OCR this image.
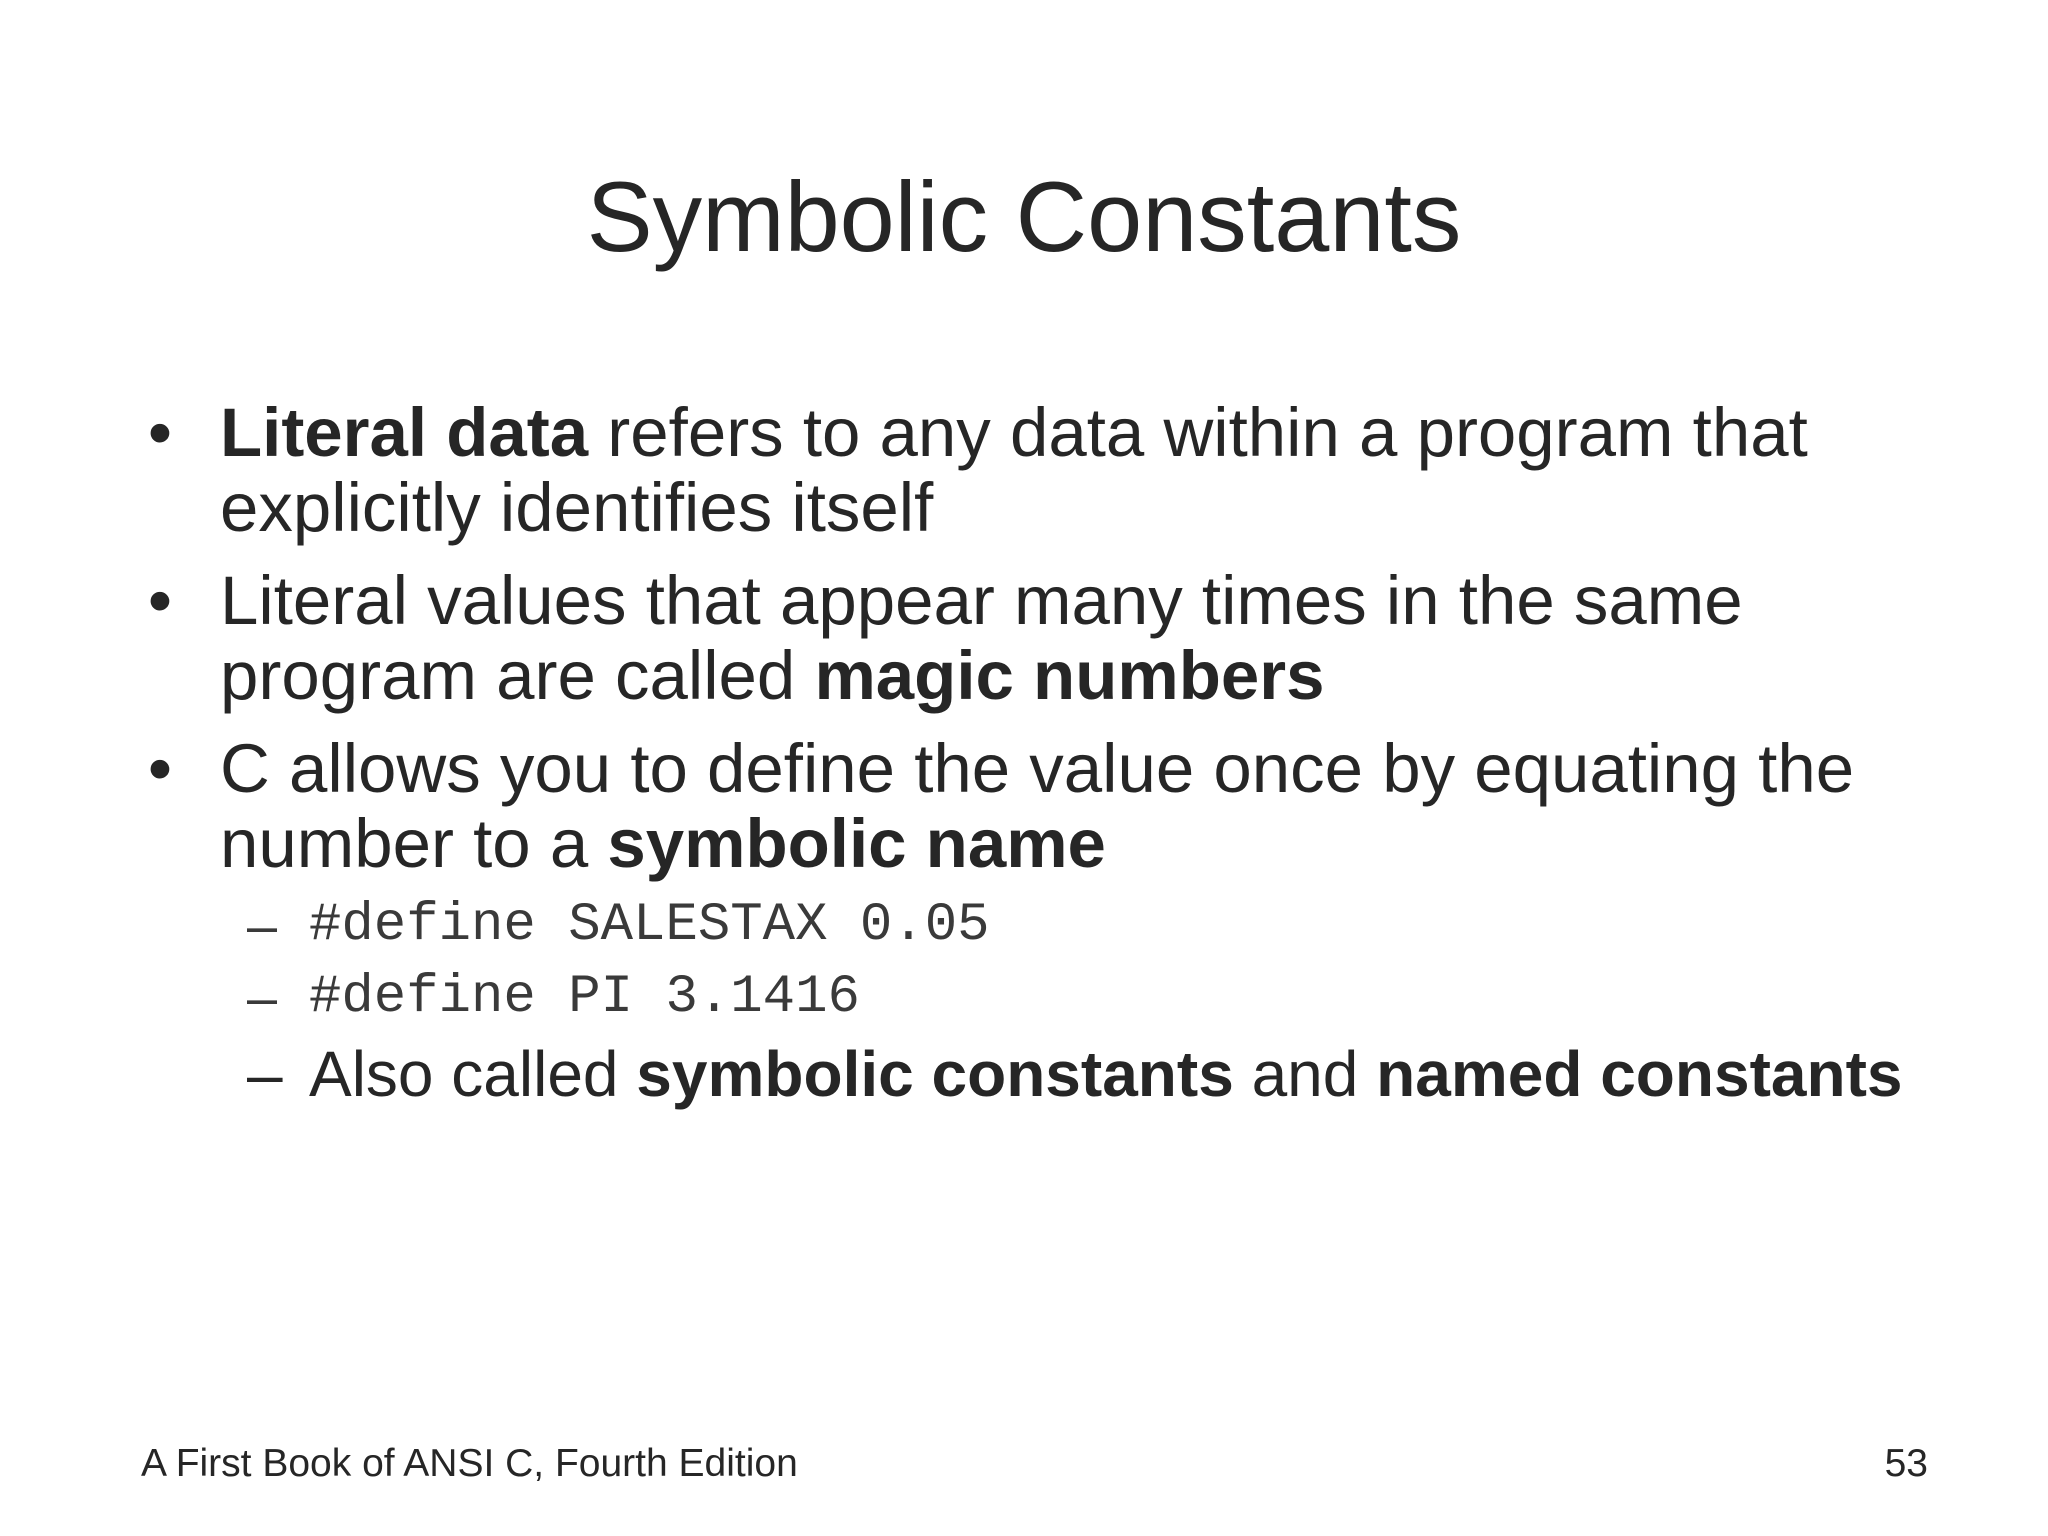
Symbolic Constants
• Literal data refers to any data within a program that explicitly identifies itself
• Literal values that appear many times in the same program are called magic numbers
• C allows you to define the value once by equating the number to a symbolic name
– #define SALESTAX 0.05
– #define PI 3.1416
– Also called symbolic constants and named constants
A First Book of ANSI C, Fourth Edition	53
